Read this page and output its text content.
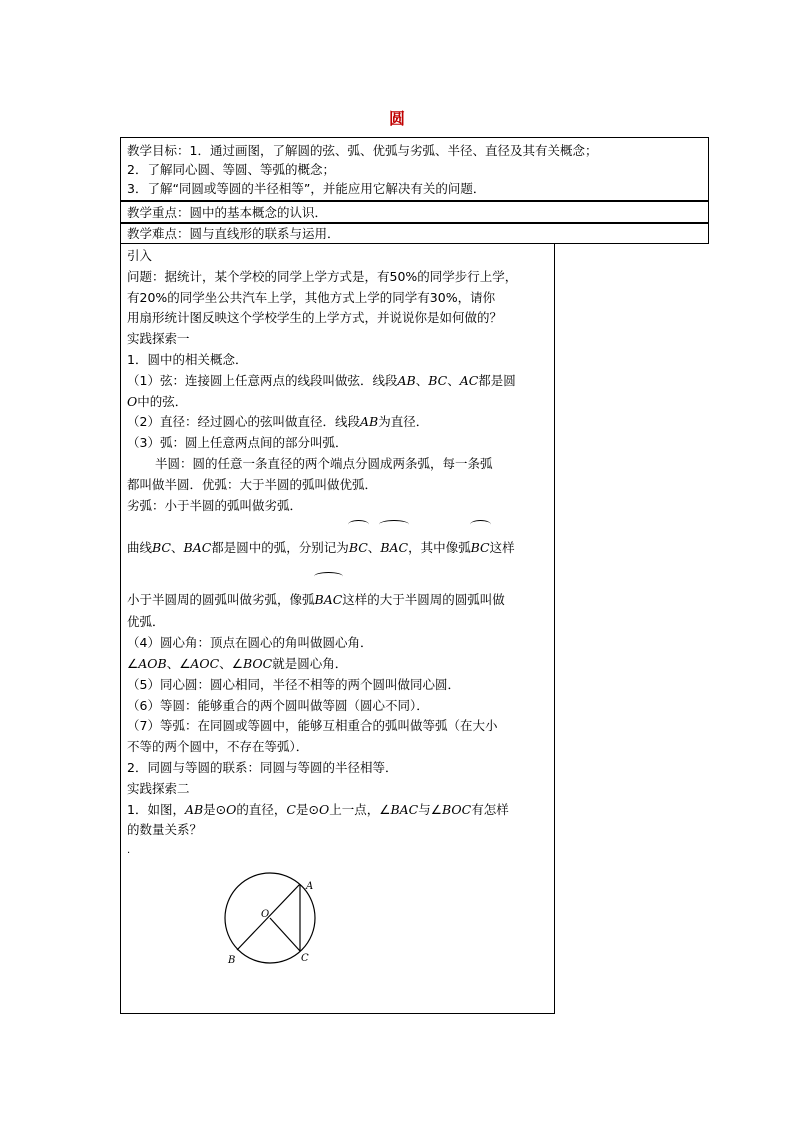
圆
教学目标：1．通过画图，了解圆的弦、弧、优弧与劣弧、半径、直径及其有关概念；
2．了解同心圆、等圆、等弧的概念；
3．了解“同圆或等圆的半径相等”，并能应用它解决有关的问题．
教学重点：圆中的基本概念的认识．
教学难点：圆与直线形的联系与运用．
引入
问题：据统计，某个学校的同学上学方式是，有50%的同学步行上学，
有20%的同学坐公共汽车上学，其他方式上学的同学有30%，请你
用扇形统计图反映这个学校学生的上学方式，并说说你是如何做的？
实践探索一
1．圆中的相关概念．
（1）弦：连接圆上任意两点的线段叫做弦．线段AB、BC、AC都是圆
O中的弦．
（2）直径：经过圆心的弦叫做直径．线段AB为直径．
（3）弧：圆上任意两点间的部分叫弧．
半圆：圆的任意一条直径的两个端点分圆成两条弧，每一条弧
都叫做半圆．优弧：大于半圆的弧叫做优弧．
劣弧：小于半圆的弧叫做劣弧．
曲线BC、BAC都是圆中的弧，分别记为BC、BAC，其中像弧BC这样
小于半圆周的圆弧叫做劣弧，像弧BAC这样的大于半圆周的圆弧叫做
优弧．
（4）圆心角：顶点在圆心的角叫做圆心角．
∠AOB、∠AOC、∠BOC就是圆心角．
（5）同心圆：圆心相同，半径不相等的两个圆叫做同心圆．
（6）等圆：能够重合的两个圆叫做等圆（圆心不同）．
（7）等弧：在同圆或等圆中，能够互相重合的弧叫做等弧（在大小
不等的两个圆中，不存在等弧）．
2．同圆与等圆的联系：同圆与等圆的半径相等．
实践探索二
1．如图，AB是⊙O的直径，C是⊙O上一点，∠BAC与∠BOC有怎样
的数量关系？
.
A
O
B	C
